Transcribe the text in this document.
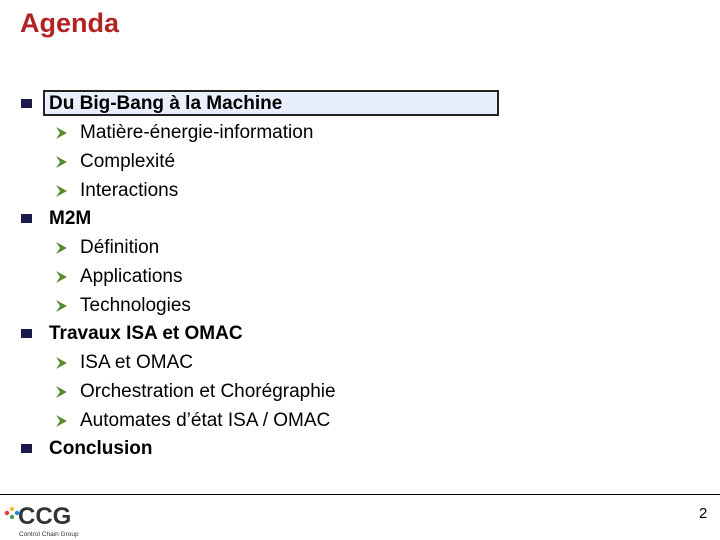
Agenda
Du Big-Bang à la Machine
Matière-énergie-information
Complexité
Interactions
M2M
Définition
Applications
Technologies
Travaux ISA et OMAC
ISA et OMAC
Orchestration et Chorégraphie
Automates d’état ISA / OMAC
Conclusion
CCG
Control Chain Group
2
